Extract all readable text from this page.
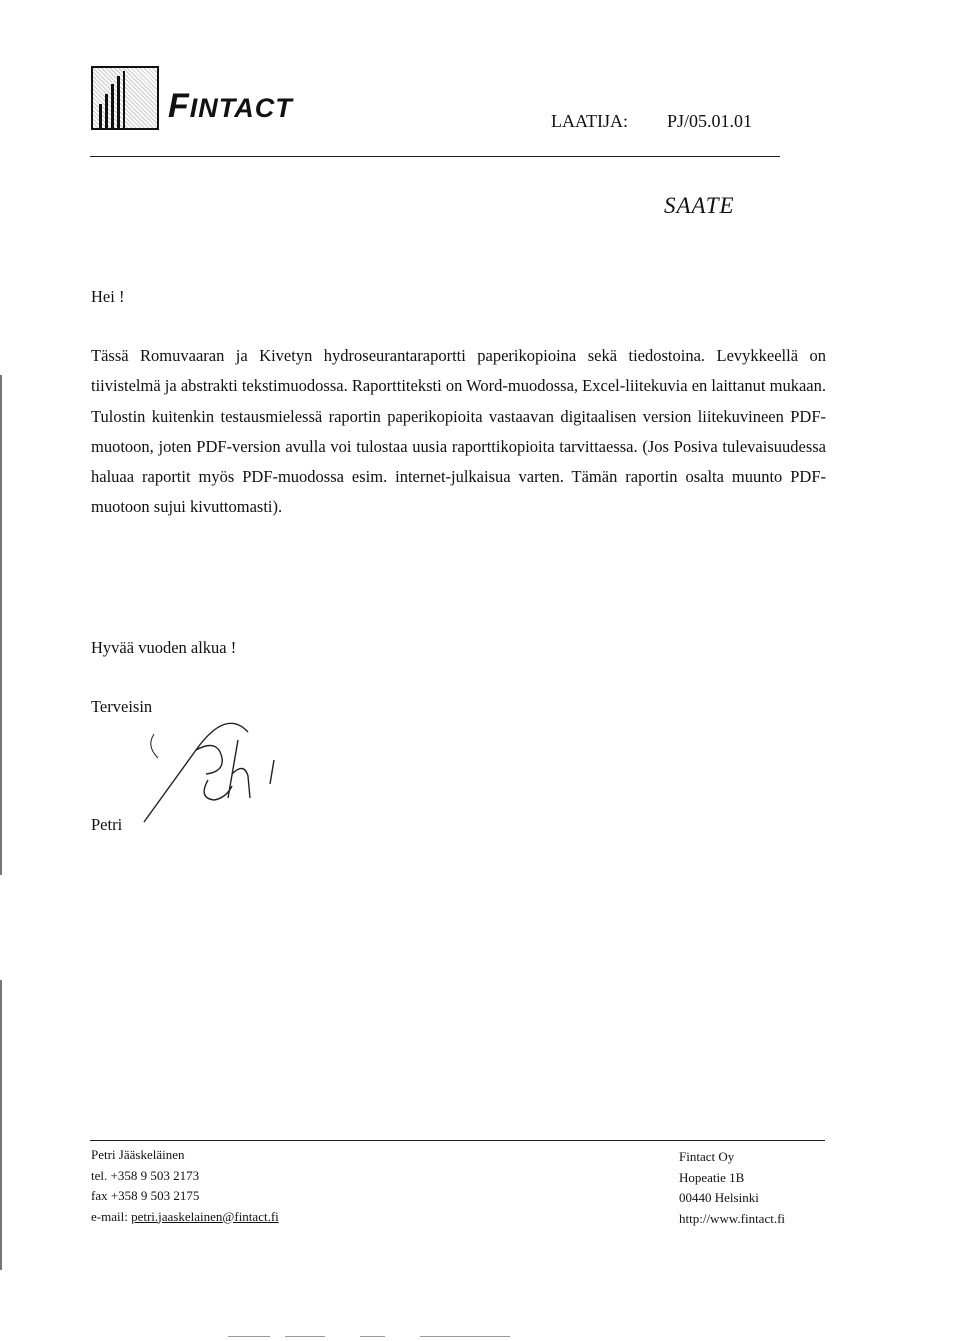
FINTACT	LAATIJA: PJ/05.01.01
SAATE
Hei !

Tässä Romuvaaran ja Kivetyn hydroseurantaraportti paperikopioina sekä tiedostoina. Levykkeellä on tiivistelmä ja abstrakti tekstimuodossa. Raporttiteksti on Word-muodossa, Excel-liitekuvia en laittanut mukaan. Tulostin kuitenkin testausmielessä raportin paperikopioita vastaavan digitaalisen version liitekuvineen PDF-muotoon, joten PDF-version avulla voi tulostaa uusia raporttikopioita tarvittaessa. (Jos Posiva tulevaisuudessa haluaa raportit myös PDF-muodossa esim. internet-julkaisua varten. Tämän raportin osalta muunto PDF-muotoon sujui kivuttomasti).

Hyvää vuoden alkua !
Terveisin
Petri
Petri Jääskeläinen
tel. +358 9 503 2173
fax +358 9 503 2175
e-mail: petri.jaaskelainen@fintact.fi
Fintact Oy
Hopeatie 1B
00440 Helsinki
http://www.fintact.fi
